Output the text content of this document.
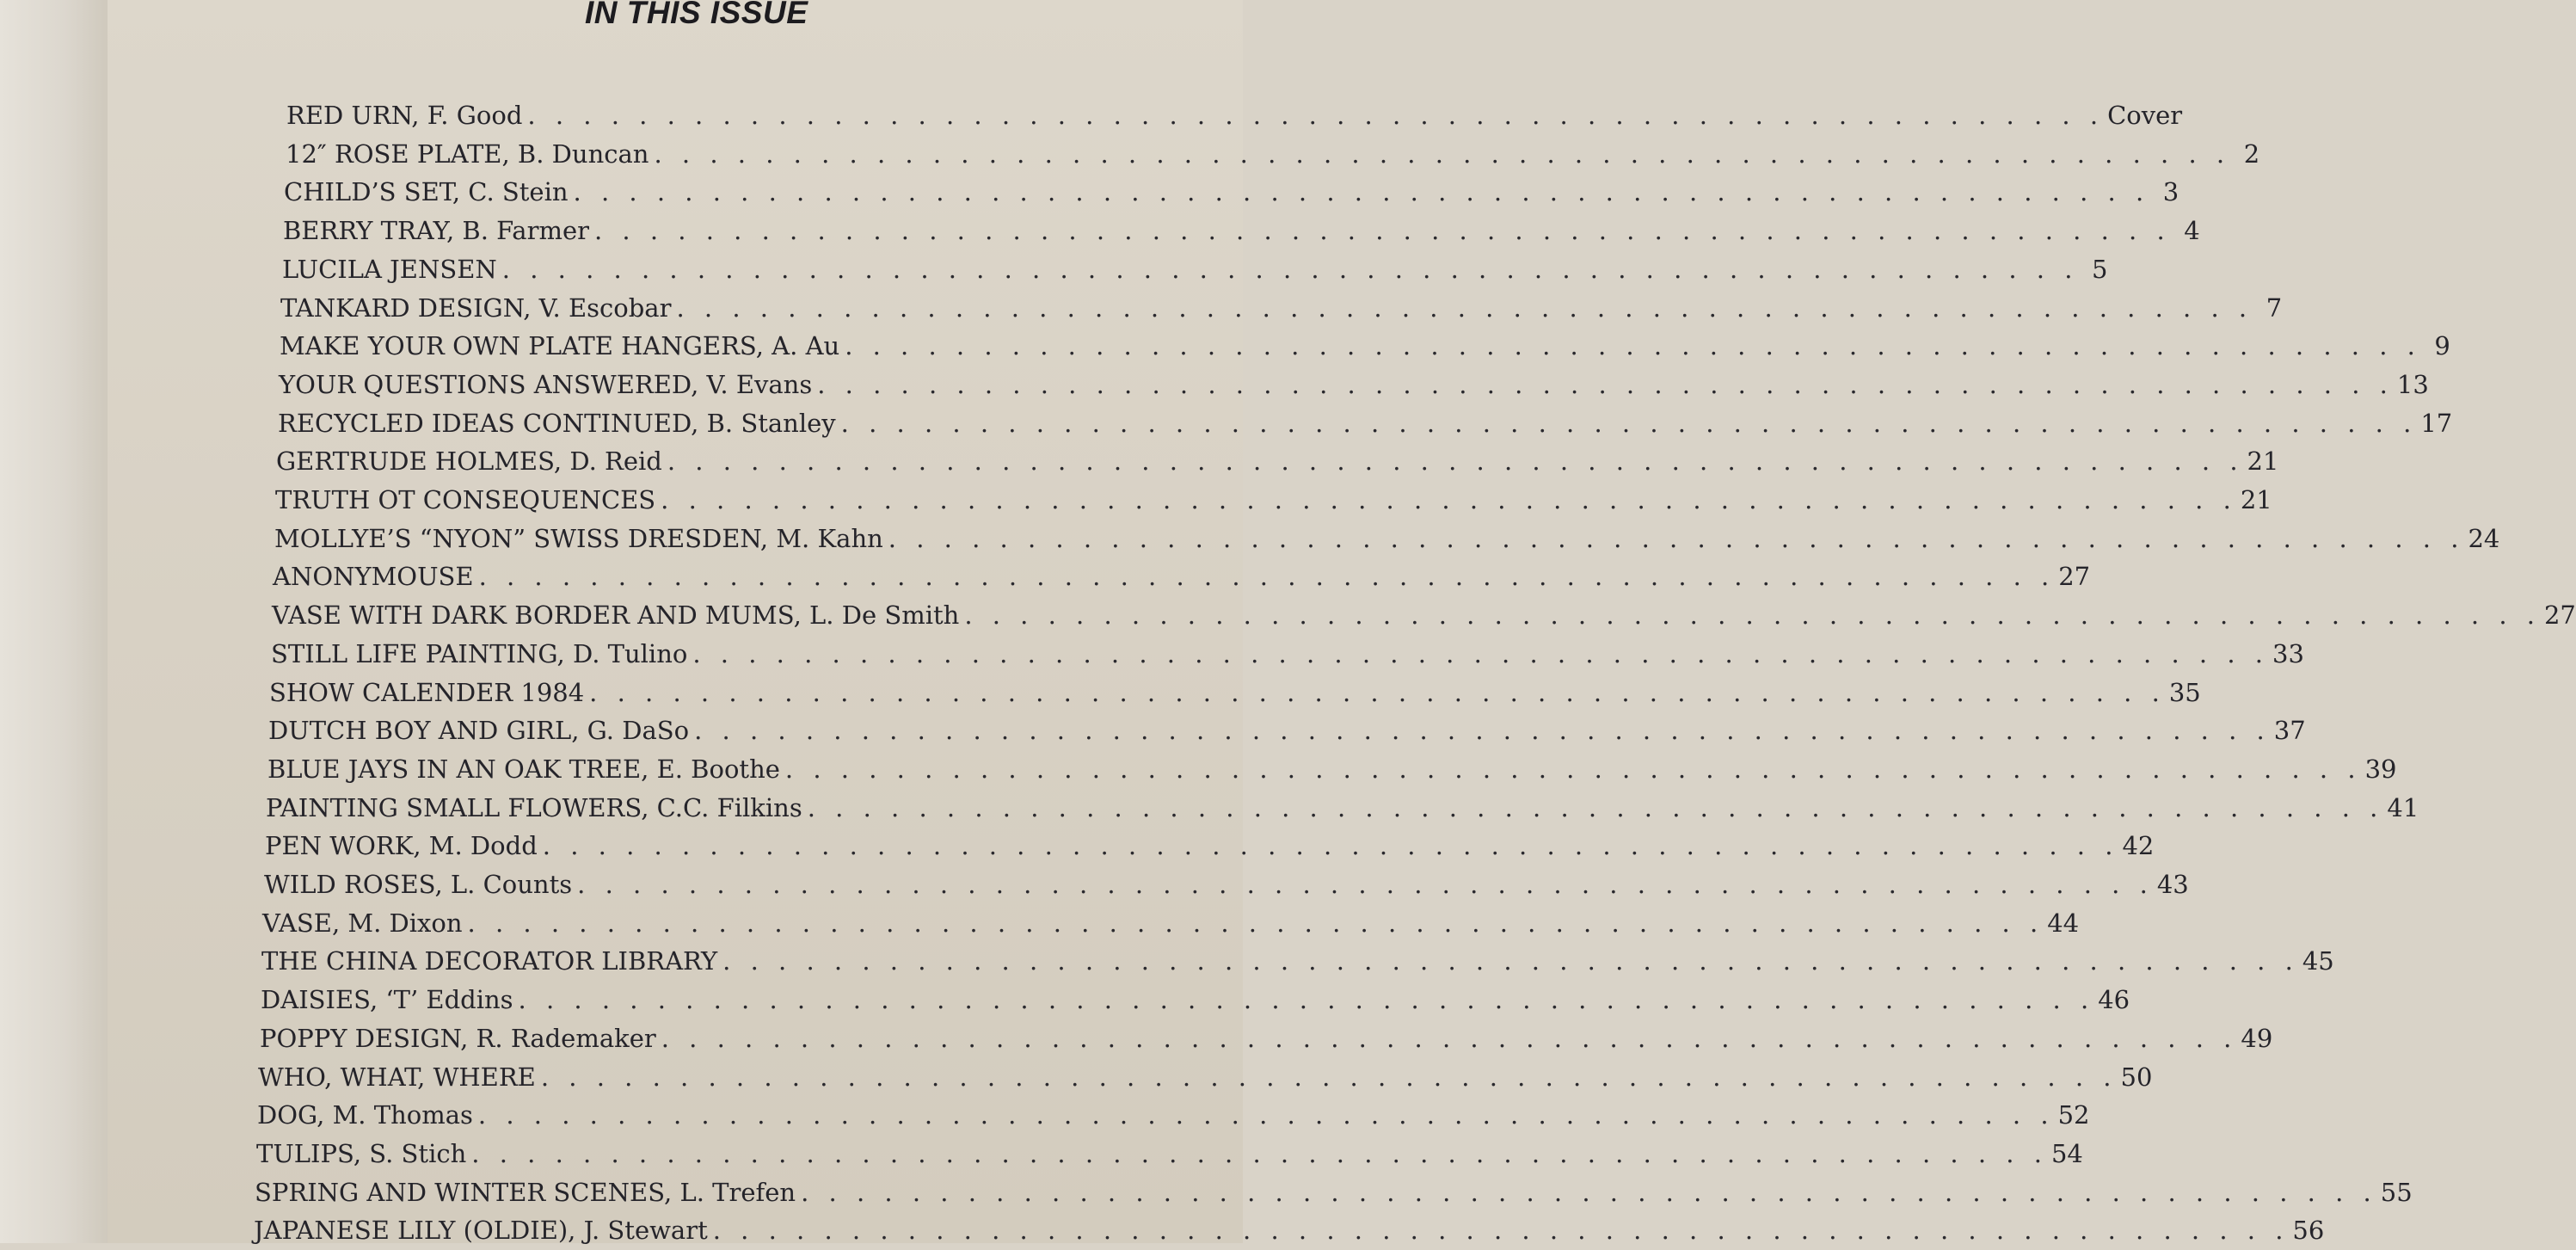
IN THIS ISSUE
RED URN, F. Good . . . . . . . . . . . . . . . . . . . . . . . . . . . . . . . . . . . . . . . . . . . . . . . . . . . . . . . . . Cover
12″ ROSE PLATE, B. Duncan . . . . . . . . . . . . . . . . . . . . . . . . . . . . . . . . . . . . . . . . . . . . . . . . . . . . . . . . . 2
CHILD’S SET, C. Stein . . . . . . . . . . . . . . . . . . . . . . . . . . . . . . . . . . . . . . . . . . . . . . . . . . . . . . . . . 3
BERRY TRAY, B. Farmer . . . . . . . . . . . . . . . . . . . . . . . . . . . . . . . . . . . . . . . . . . . . . . . . . . . . . . . . . 4
LUCILA JENSEN . . . . . . . . . . . . . . . . . . . . . . . . . . . . . . . . . . . . . . . . . . . . . . . . . . . . . . . . . 5
TANKARD DESIGN, V. Escobar . . . . . . . . . . . . . . . . . . . . . . . . . . . . . . . . . . . . . . . . . . . . . . . . . . . . . . . . . 7
MAKE YOUR OWN PLATE HANGERS, A. Au . . . . . . . . . . . . . . . . . . . . . . . . . . . . . . . . . . . . . . . . . . . . . . . . . . . . . . . . . 9
YOUR QUESTIONS ANSWERED, V. Evans . . . . . . . . . . . . . . . . . . . . . . . . . . . . . . . . . . . . . . . . . . . . . . . . . . . . . . . . . 13
RECYCLED IDEAS CONTINUED, B. Stanley . . . . . . . . . . . . . . . . . . . . . . . . . . . . . . . . . . . . . . . . . . . . . . . . . . . . . . . . . 17
GERTRUDE HOLMES, D. Reid . . . . . . . . . . . . . . . . . . . . . . . . . . . . . . . . . . . . . . . . . . . . . . . . . . . . . . . . . 21
TRUTH OT CONSEQUENCES . . . . . . . . . . . . . . . . . . . . . . . . . . . . . . . . . . . . . . . . . . . . . . . . . . . . . . . . . 21
MOLLYE’S “NYON” SWISS DRESDEN, M. Kahn . . . . . . . . . . . . . . . . . . . . . . . . . . . . . . . . . . . . . . . . . . . . . . . . . . . . . . . . . 24
ANONYMOUSE . . . . . . . . . . . . . . . . . . . . . . . . . . . . . . . . . . . . . . . . . . . . . . . . . . . . . . . . . 27
VASE WITH DARK BORDER AND MUMS, L. De Smith . . . . . . . . . . . . . . . . . . . . . . . . . . . . . . . . . . . . . . . . . . . . . . . . . . . . . . . . . 27
STILL LIFE PAINTING, D. Tulino . . . . . . . . . . . . . . . . . . . . . . . . . . . . . . . . . . . . . . . . . . . . . . . . . . . . . . . . . 33
SHOW CALENDER 1984 . . . . . . . . . . . . . . . . . . . . . . . . . . . . . . . . . . . . . . . . . . . . . . . . . . . . . . . . . 35
DUTCH BOY AND GIRL, G. DaSo . . . . . . . . . . . . . . . . . . . . . . . . . . . . . . . . . . . . . . . . . . . . . . . . . . . . . . . . . 37
BLUE JAYS IN AN OAK TREE, E. Boothe . . . . . . . . . . . . . . . . . . . . . . . . . . . . . . . . . . . . . . . . . . . . . . . . . . . . . . . . . 39
PAINTING SMALL FLOWERS, C.C. Filkins . . . . . . . . . . . . . . . . . . . . . . . . . . . . . . . . . . . . . . . . . . . . . . . . . . . . . . . . . 41
PEN WORK, M. Dodd . . . . . . . . . . . . . . . . . . . . . . . . . . . . . . . . . . . . . . . . . . . . . . . . . . . . . . . . . 42
WILD ROSES, L. Counts . . . . . . . . . . . . . . . . . . . . . . . . . . . . . . . . . . . . . . . . . . . . . . . . . . . . . . . . . 43
VASE, M. Dixon . . . . . . . . . . . . . . . . . . . . . . . . . . . . . . . . . . . . . . . . . . . . . . . . . . . . . . . . . 44
THE CHINA DECORATOR LIBRARY . . . . . . . . . . . . . . . . . . . . . . . . . . . . . . . . . . . . . . . . . . . . . . . . . . . . . . . . . 45
DAISIES, ‘T’ Eddins . . . . . . . . . . . . . . . . . . . . . . . . . . . . . . . . . . . . . . . . . . . . . . . . . . . . . . . . . 46
POPPY DESIGN, R. Rademaker . . . . . . . . . . . . . . . . . . . . . . . . . . . . . . . . . . . . . . . . . . . . . . . . . . . . . . . . . 49
WHO, WHAT, WHERE . . . . . . . . . . . . . . . . . . . . . . . . . . . . . . . . . . . . . . . . . . . . . . . . . . . . . . . . . 50
DOG, M. Thomas . . . . . . . . . . . . . . . . . . . . . . . . . . . . . . . . . . . . . . . . . . . . . . . . . . . . . . . . . 52
TULIPS, S. Stich . . . . . . . . . . . . . . . . . . . . . . . . . . . . . . . . . . . . . . . . . . . . . . . . . . . . . . . . . 54
SPRING AND WINTER SCENES, L. Trefen . . . . . . . . . . . . . . . . . . . . . . . . . . . . . . . . . . . . . . . . . . . . . . . . . . . . . . . . . 55
JAPANESE LILY (OLDIE), J. Stewart . . . . . . . . . . . . . . . . . . . . . . . . . . . . . . . . . . . . . . . . . . . . . . . . . . . . . . . . . 56
